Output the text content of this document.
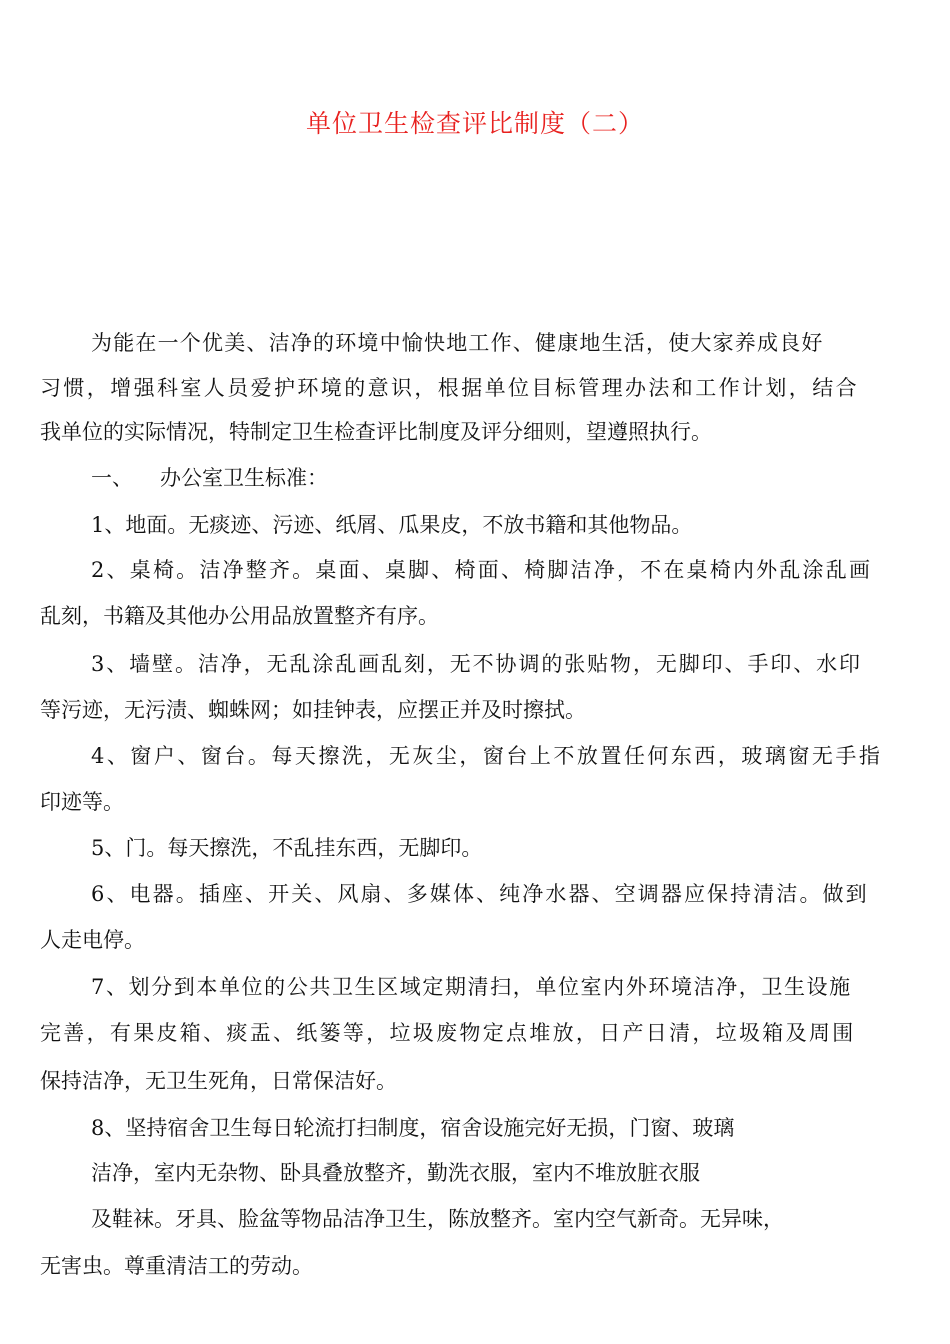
单位卫生检查评比制度（二）
为能在一个优美、洁净的环境中愉快地工作、健康地生活，使大家养成良好
习惯，增强科室人员爱护环境的意识，根据单位目标管理办法和工作计划，结合
我单位的实际情况，特制定卫生检查评比制度及评分细则，望遵照执行。
一、	办公室卫生标准：
1、地面。无痰迹、污迹、纸屑、瓜果皮，不放书籍和其他物品。
2、桌椅。洁净整齐。桌面、桌脚、椅面、椅脚洁净，不在桌椅内外乱涂乱画
乱刻，书籍及其他办公用品放置整齐有序。
3、墙壁。洁净，无乱涂乱画乱刻，无不协调的张贴物，无脚印、手印、水印
等污迹，无污渍、蜘蛛网；如挂钟表，应摆正并及时擦拭。
4、窗户、窗台。每天擦洗，无灰尘，窗台上不放置任何东西，玻璃窗无手指
印迹等。
5、门。每天擦洗，不乱挂东西，无脚印。
6、电器。插座、开关、风扇、多媒体、纯净水器、空调器应保持清洁。做到
人走电停。
7、划分到本单位的公共卫生区域定期清扫，单位室内外环境洁净，卫生设施
完善，有果皮箱、痰盂、纸篓等，垃圾废物定点堆放，日产日清，垃圾箱及周围
保持洁净，无卫生死角，日常保洁好。
8、坚持宿舍卫生每日轮流打扫制度，宿舍设施完好无损，门窗、玻璃
洁净，室内无杂物、卧具叠放整齐，勤洗衣服，室内不堆放脏衣服
及鞋袜。牙具、脸盆等物品洁净卫生，陈放整齐。室内空气新奇。无异味，
无害虫。尊重清洁工的劳动。
